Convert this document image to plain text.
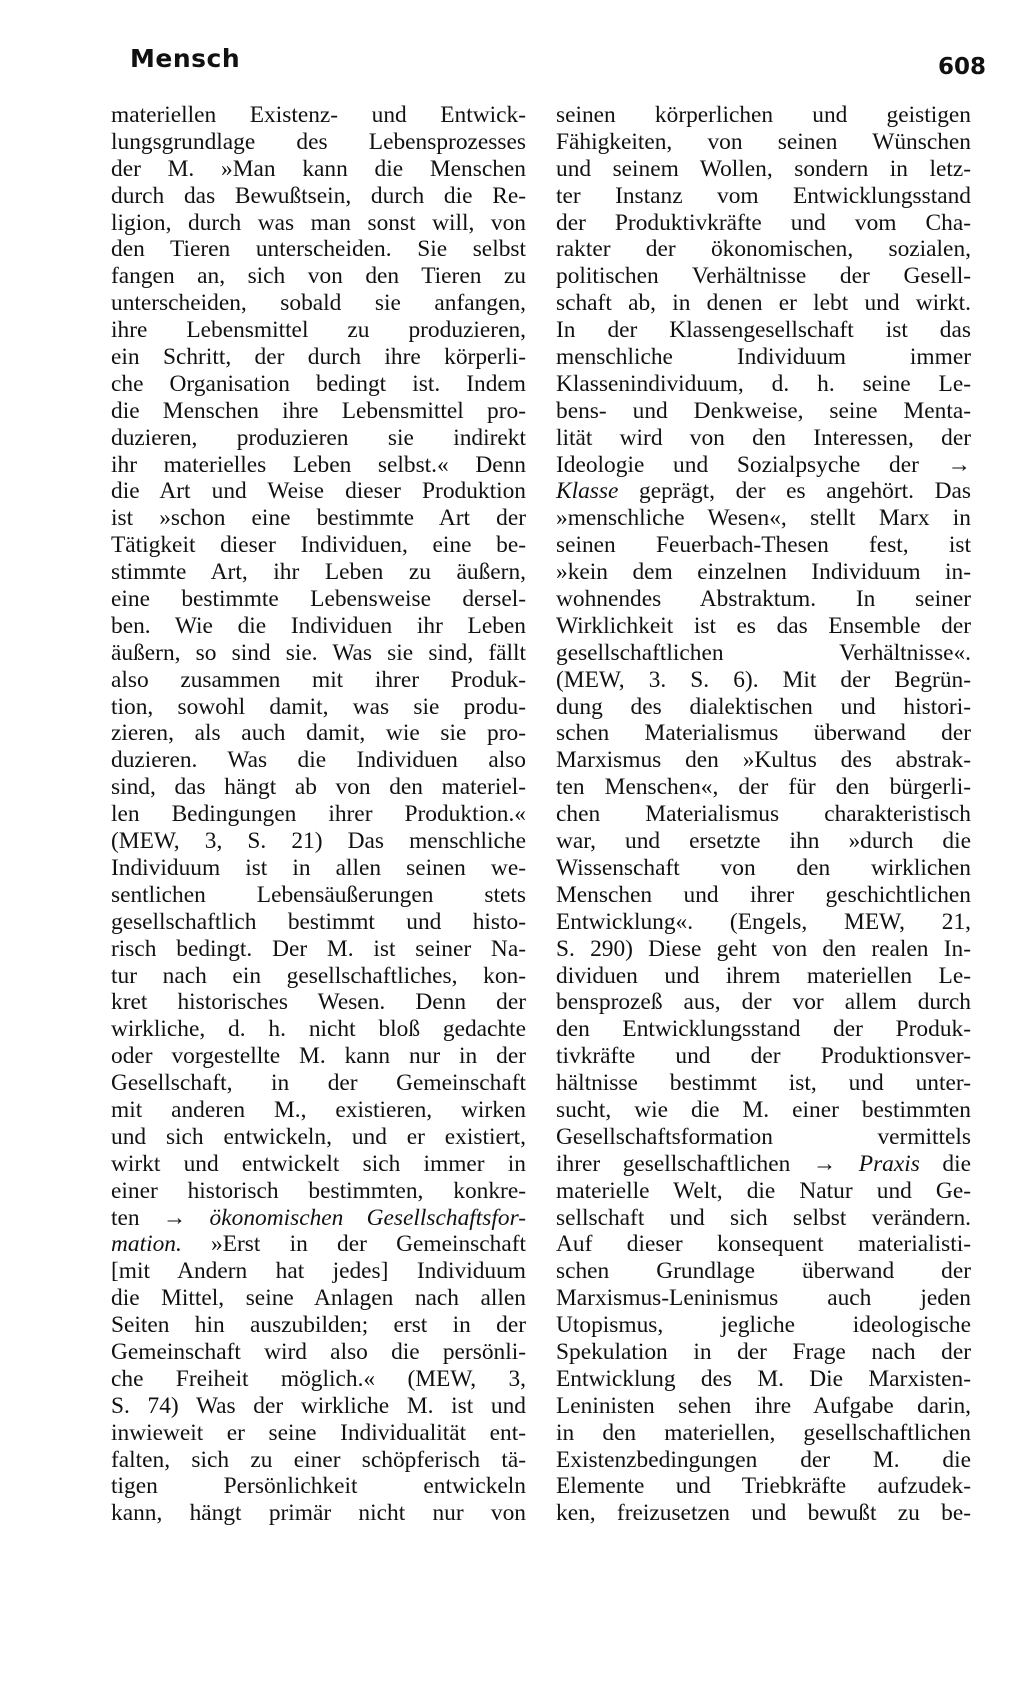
Mensch	608
materiellen Existenz- und Entwick-
lungsgrundlage des Lebensprozesses
der M. »Man kann die Menschen
durch das Bewußtsein, durch die Re-
ligion, durch was man sonst will, von
den Tieren unterscheiden. Sie selbst
fangen an, sich von den Tieren zu
unterscheiden, sobald sie anfangen,
ihre Lebensmittel zu produzieren,
ein Schritt, der durch ihre körperli-
che Organisation bedingt ist. Indem
die Menschen ihre Lebensmittel pro-
duzieren, produzieren sie indirekt
ihr materielles Leben selbst.« Denn
die Art und Weise dieser Produktion
ist »schon eine bestimmte Art der
Tätigkeit dieser Individuen, eine be-
stimmte Art, ihr Leben zu äußern,
eine bestimmte Lebensweise dersel-
ben. Wie die Individuen ihr Leben
äußern, so sind sie. Was sie sind, fällt
also zusammen mit ihrer Produk-
tion, sowohl damit, was sie produ-
zieren, als auch damit, wie sie pro-
duzieren. Was die Individuen also
sind, das hängt ab von den materiel-
len Bedingungen ihrer Produktion.«
(MEW, 3, S. 21) Das menschliche
Individuum ist in allen seinen we-
sentlichen Lebensäußerungen stets
gesellschaftlich bestimmt und histo-
risch bedingt. Der M. ist seiner Na-
tur nach ein gesellschaftliches, kon-
kret historisches Wesen. Denn der
wirkliche, d. h. nicht bloß gedachte
oder vorgestellte M. kann nur in der
Gesellschaft, in der Gemeinschaft
mit anderen M., existieren, wirken
und sich entwickeln, und er existiert,
wirkt und entwickelt sich immer in
einer historisch bestimmten, konkre-
ten → ökonomischen Gesellschaftsfor-
mation. »Erst in der Gemeinschaft
[mit Andern hat jedes] Individuum
die Mittel, seine Anlagen nach allen
Seiten hin auszubilden; erst in der
Gemeinschaft wird also die persönli-
che Freiheit möglich.« (MEW, 3,
S. 74) Was der wirkliche M. ist und
inwieweit er seine Individualität ent-
falten, sich zu einer schöpferisch tä-
tigen Persönlichkeit entwickeln
kann, hängt primär nicht nur von
seinen körperlichen und geistigen
Fähigkeiten, von seinen Wünschen
und seinem Wollen, sondern in letz-
ter Instanz vom Entwicklungsstand
der Produktivkräfte und vom Cha-
rakter der ökonomischen, sozialen,
politischen Verhältnisse der Gesell-
schaft ab, in denen er lebt und wirkt.
In der Klassengesellschaft ist das
menschliche Individuum immer
Klassenindividuum, d. h. seine Le-
bens- und Denkweise, seine Menta-
lität wird von den Interessen, der
Ideologie und Sozialpsyche der →
Klasse geprägt, der es angehört. Das
»menschliche Wesen«, stellt Marx in
seinen Feuerbach-Thesen fest, ist
»kein dem einzelnen Individuum in-
wohnendes Abstraktum. In seiner
Wirklichkeit ist es das Ensemble der
gesellschaftlichen Verhältnisse«.
(MEW, 3. S. 6). Mit der Begrün-
dung des dialektischen und histori-
schen Materialismus überwand der
Marxismus den »Kultus des abstrak-
ten Menschen«, der für den bürgerli-
chen Materialismus charakteristisch
war, und ersetzte ihn »durch die
Wissenschaft von den wirklichen
Menschen und ihrer geschichtlichen
Entwicklung«. (Engels, MEW, 21,
S. 290) Diese geht von den realen In-
dividuen und ihrem materiellen Le-
bensprozeß aus, der vor allem durch
den Entwicklungsstand der Produk-
tivkräfte und der Produktionsver-
hältnisse bestimmt ist, und unter-
sucht, wie die M. einer bestimmten
Gesellschaftsformation vermittels
ihrer gesellschaftlichen → Praxis die
materielle Welt, die Natur und Ge-
sellschaft und sich selbst verändern.
Auf dieser konsequent materialisti-
schen Grundlage überwand der
Marxismus-Leninismus auch jeden
Utopismus, jegliche ideologische
Spekulation in der Frage nach der
Entwicklung des M. Die Marxisten-
Leninisten sehen ihre Aufgabe darin,
in den materiellen, gesellschaftlichen
Existenzbedingungen der M. die
Elemente und Triebkräfte aufzudek-
ken, freizusetzen und bewußt zu be-
